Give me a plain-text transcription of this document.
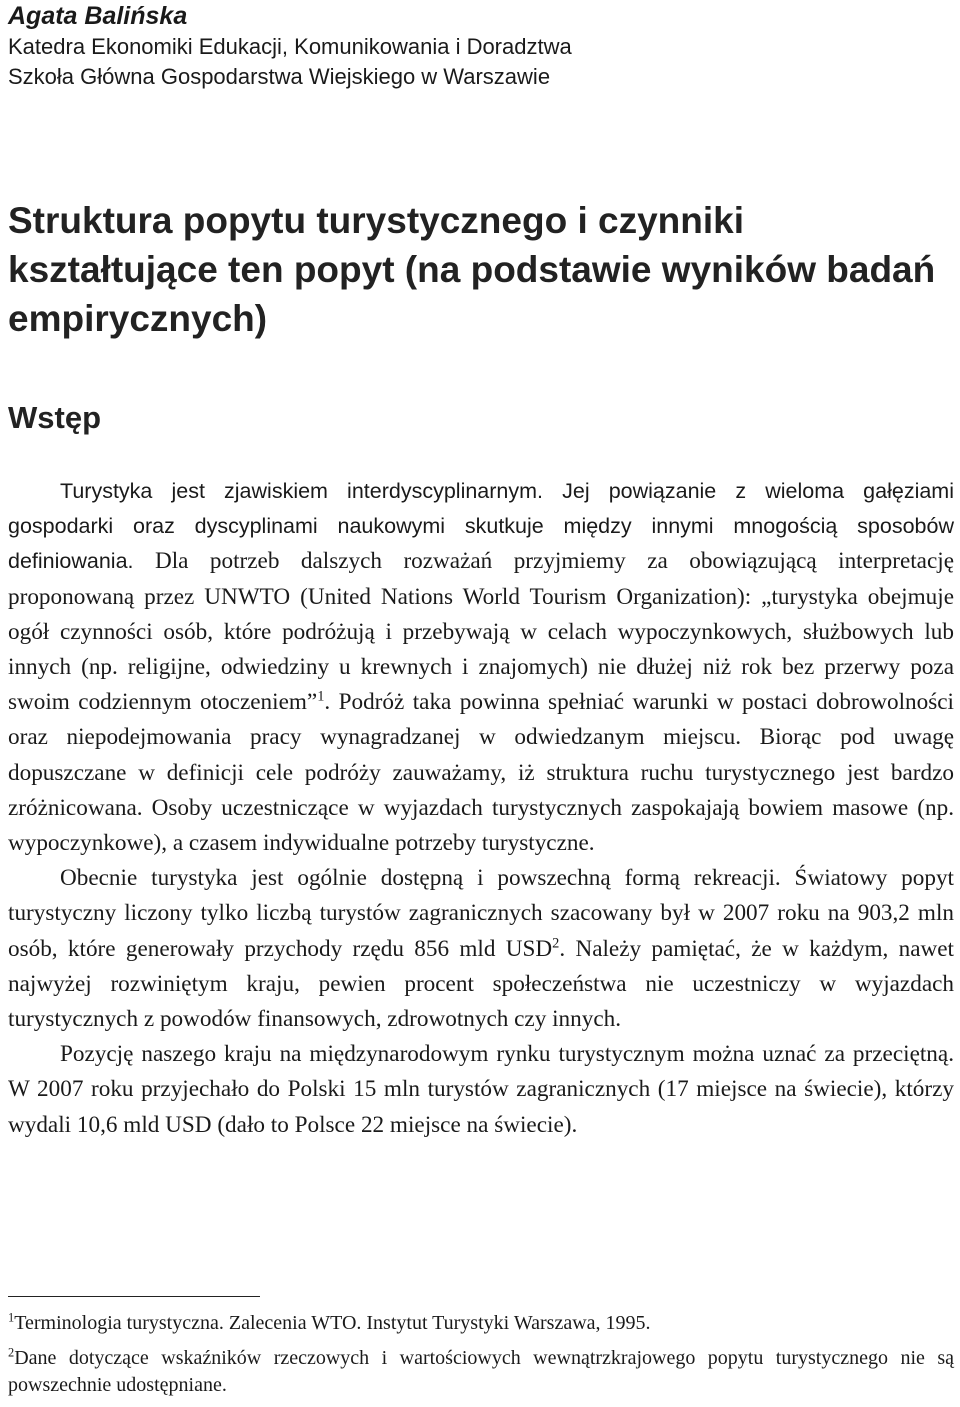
Agata Balińska
Katedra Ekonomiki Edukacji, Komunikowania i Doradztwa
Szkoła Główna Gospodarstwa Wiejskiego w Warszawie
Struktura popytu turystycznego i czynniki kształtujące ten popyt (na podstawie wyników badań empirycznych)
Wstęp

Turystyka jest zjawiskiem interdyscyplinarnym. Jej powiązanie z wieloma gałęziami gospodarki oraz dyscyplinami naukowymi skutkuje między innymi mnogością sposobów definiowania. Dla potrzeb dalszych rozważań przyjmiemy za obowiązującą interpretację proponowaną przez UNWTO (United Nations World Tourism Organization): „turystyka obejmuje ogół czynności osób, które podróżują i przebywają w celach wypoczynkowych, służbowych lub innych (np. religijne, odwiedziny u krewnych i znajomych) nie dłużej niż rok bez przerwy poza swoim codziennym otoczeniem”$^1$. Podróż taka powinna spełniać warunki w postaci dobrowolności oraz niepodejmowania pracy wynagradzanej w odwiedzanym miejscu. Biorąc pod uwagę dopuszczane w definicji cele podróży zauważamy, iż struktura ruchu turystycznego jest bardzo zróżnicowana. Osoby uczestniczące w wyjazdach turystycznych zaspokajają bowiem masowe (np. wypoczynkowe), a czasem indywidualne potrzeby turystyczne.

Obecnie turystyka jest ogólnie dostępną i powszechną formą rekreacji. Światowy popyt turystyczny liczony tylko liczbą turystów zagranicznych szacowany był w 2007 roku na 903,2 mln osób, które generowały przychody rzędu 856 mld USD$^2$. Należy pamiętać, że w każdym, nawet najwyżej rozwiniętym kraju, pewien procent społeczeństwa nie uczestniczy w wyjazdach turystycznych z powodów finansowych, zdrowotnych czy innych.

Pozycję naszego kraju na międzynarodowym rynku turystycznym można uznać za przeciętną. W 2007 roku przyjechało do Polski 15 mln turystów zagranicznych (17 miejsce na świecie), którzy wydali 10,6 mld USD (dało to Polsce 22 miejsce na świecie).

$^1$Terminologia turystyczna. Zalecenia WTO. Instytut Turystyki Warszawa, 1995.

$^2$Dane dotyczące wskaźników rzeczowych i wartościowych wewnątrzkrajowego popytu turystycznego nie są powszechnie udostępniane.
